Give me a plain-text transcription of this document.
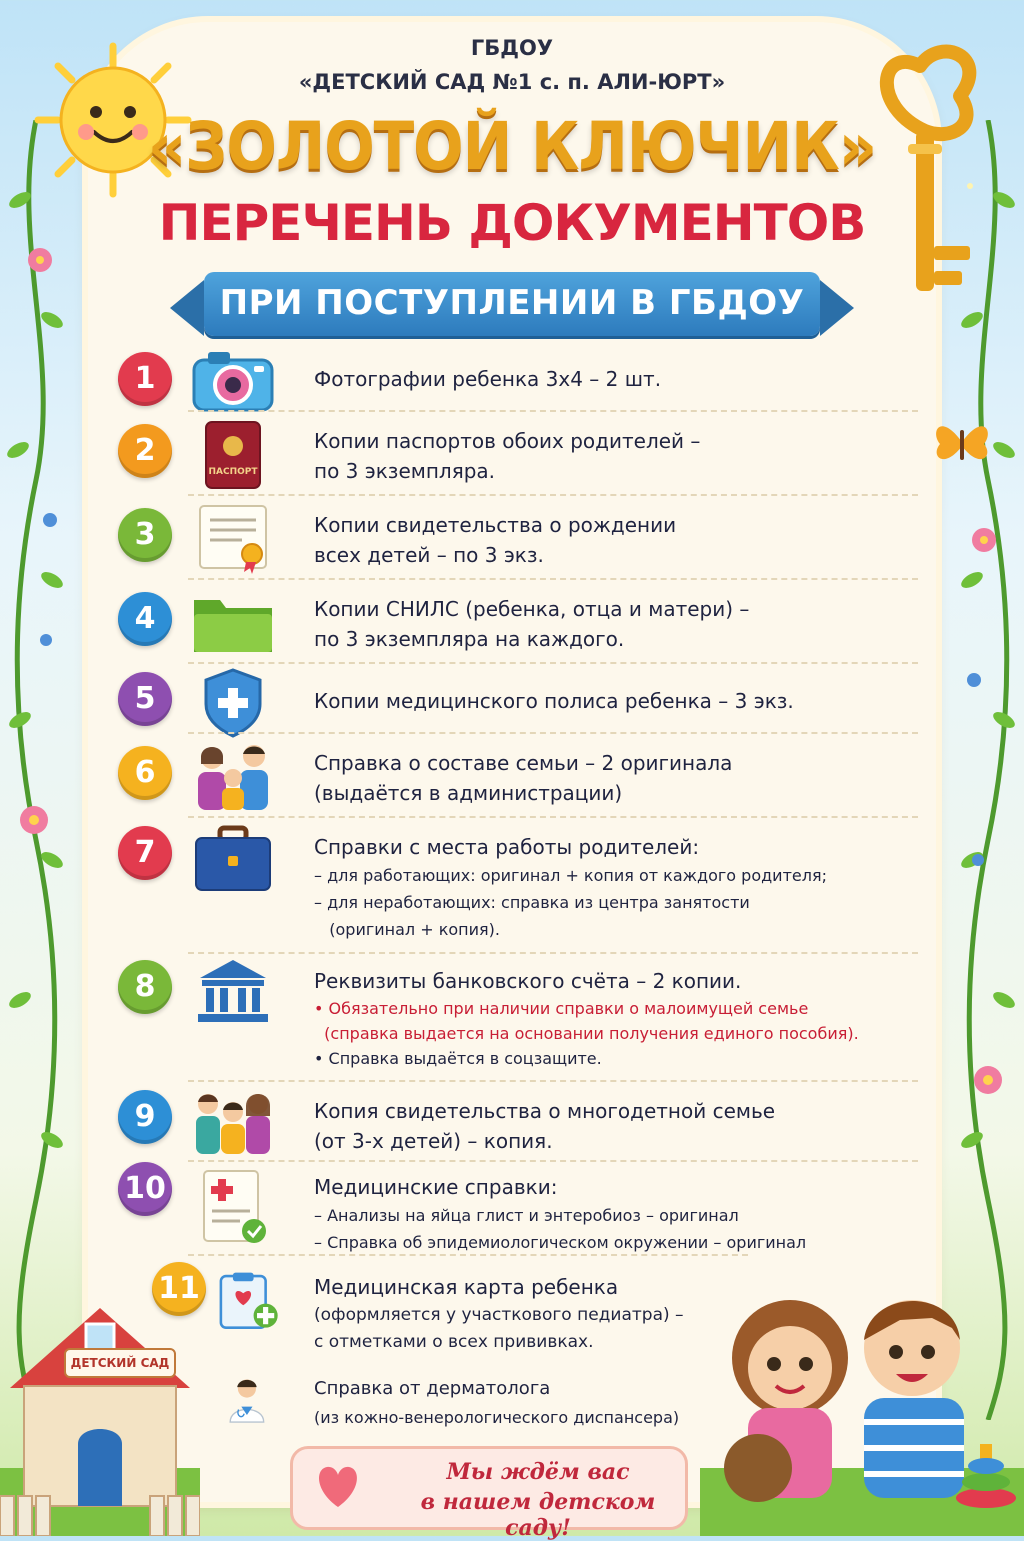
ГБДОУ
«ДЕТСКИЙ САД №1 с. п. АЛИ-ЮРТ»
«ЗОЛОТОЙ КЛЮЧИК»
ПЕРЕЧЕНЬ ДОКУМЕНТОВ
ПРИ ПОСТУПЛЕНИИ В ГБДОУ
1	Фотографии ребенка 3х4 – 2 шт.
2
ПАСПОРТ
Копии паспортов обоих родителей –
по 3 экземпляра.
3	Копии свидетельства о рождении
всех детей – по 3 экз.
4	Копии СНИЛС (ребенка, отца и матери) –
по 3 экземпляра на каждого.
5	Копии медицинского полиса ребенка – 3 экз.
6	Справка о составе семьи – 2 оригинала
(выдаётся в администрации)
7	Справки с места работы родителей:
– для работающих: оригинал + копия от каждого родителя;
– для неработающих: справка из центра занятости
(оригинал + копия).
8	Реквизиты банковского счёта – 2 копии.
• Обязательно при наличии справки о малоимущей семье
(справка выдается на основании получения единого пособия).
• Справка выдаётся в соцзащите.
9	Копия свидетельства о многодетной семье
(от 3-х детей) – копия.
10	Медицинские справки:
– Анализы на яйца глист и энтеробиоз – оригинал
– Справка об эпидемиологическом окружении – оригинал
11	Медицинская карта ребенка
(оформляется у участкового педиатра) –
с отметками о всех прививках.
Справка от дерматолога
(из кожно-венерологического диспансера)
ДЕТСКИЙ САД
Мы ждём вас
в нашем детском саду!
